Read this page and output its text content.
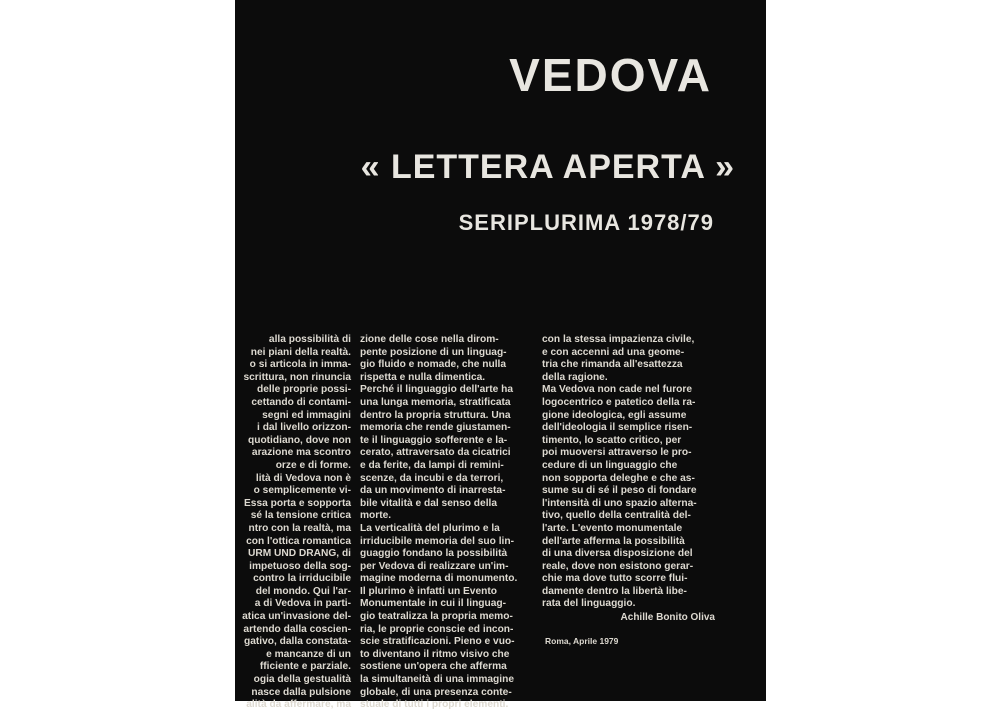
VEDOVA
« LETTERA APERTA »
SERIPLURIMA 1978/79
alla possibilità di
nei piani della realtà.
o si articola in imma-
scrittura, non rinuncia
delle proprie possi-
cettando di contami-
segni ed immagini
i dal livello orizzon-
quotidiano, dove non
arazione ma scontro
orze e di forme.
lità di Vedova non è
o semplicemente vi-
Essa porta e sopporta
sé la tensione critica
ntro con la realtà, ma
con l'ottica romantica
URM UND DRANG, di
impetuoso della sog-
contro la irriducibile
del mondo. Qui l'ar-
a di Vedova in parti-
atica un'invasione del-
artendo dalla coscien-
gativo, dalla constata-
e mancanze di un
fficiente e parziale.
ogia della gestualità
nasce dalla pulsione
alità da affermare, ma
zione delle cose nella dirom-
pente posizione di un linguag-
gio fluido e nomade, che nulla
rispetta e nulla dimentica.
Perché il linguaggio dell'arte ha
una lunga memoria, stratificata
dentro la propria struttura. Una
memoria che rende giustamen-
te il linguaggio sofferente e la-
cerato, attraversato da cicatrici
e da ferite, da lampi di remini-
scenze, da incubi e da terrori,
da un movimento di inarresta-
bile vitalità e dal senso della
morte.
La verticalità del plurimo e la
irriducibile memoria del suo lin-
guaggio fondano la possibilità
per Vedova di realizzare un'im-
magine moderna di monumento.
Il plurimo è infatti un Evento
Monumentale in cui il linguag-
gio teatralizza la propria memo-
ria, le proprie conscie ed incon-
scie stratificazioni. Pieno e vuo-
to diventano il ritmo visivo che
sostiene un'opera che afferma
la simultaneità di una immagine
globale, di una presenza conte-
stuale di tutti i propri elementi.
con la stessa impazienza civile,
e con accenni ad una geome-
tria che rimanda all'esattezza
della ragione.
Ma Vedova non cade nel furore
logocentrico e patetico della ra-
gione ideologica, egli assume
dell'ideologia il semplice risen-
timento, lo scatto critico, per
poi muoversi attraverso le pro-
cedure di un linguaggio che
non sopporta deleghe e che as-
sume su di sé il peso di fondare
l'intensità di uno spazio alterna-
tivo, quello della centralità del-
l'arte. L'evento monumentale
dell'arte afferma la possibilità
di una diversa disposizione del
reale, dove non esistono gerar-
chie ma dove tutto scorre flui-
damente dentro la libertà libe-
rata del linguaggio.

Achille Bonito Oliva

Roma, Aprile 1979
